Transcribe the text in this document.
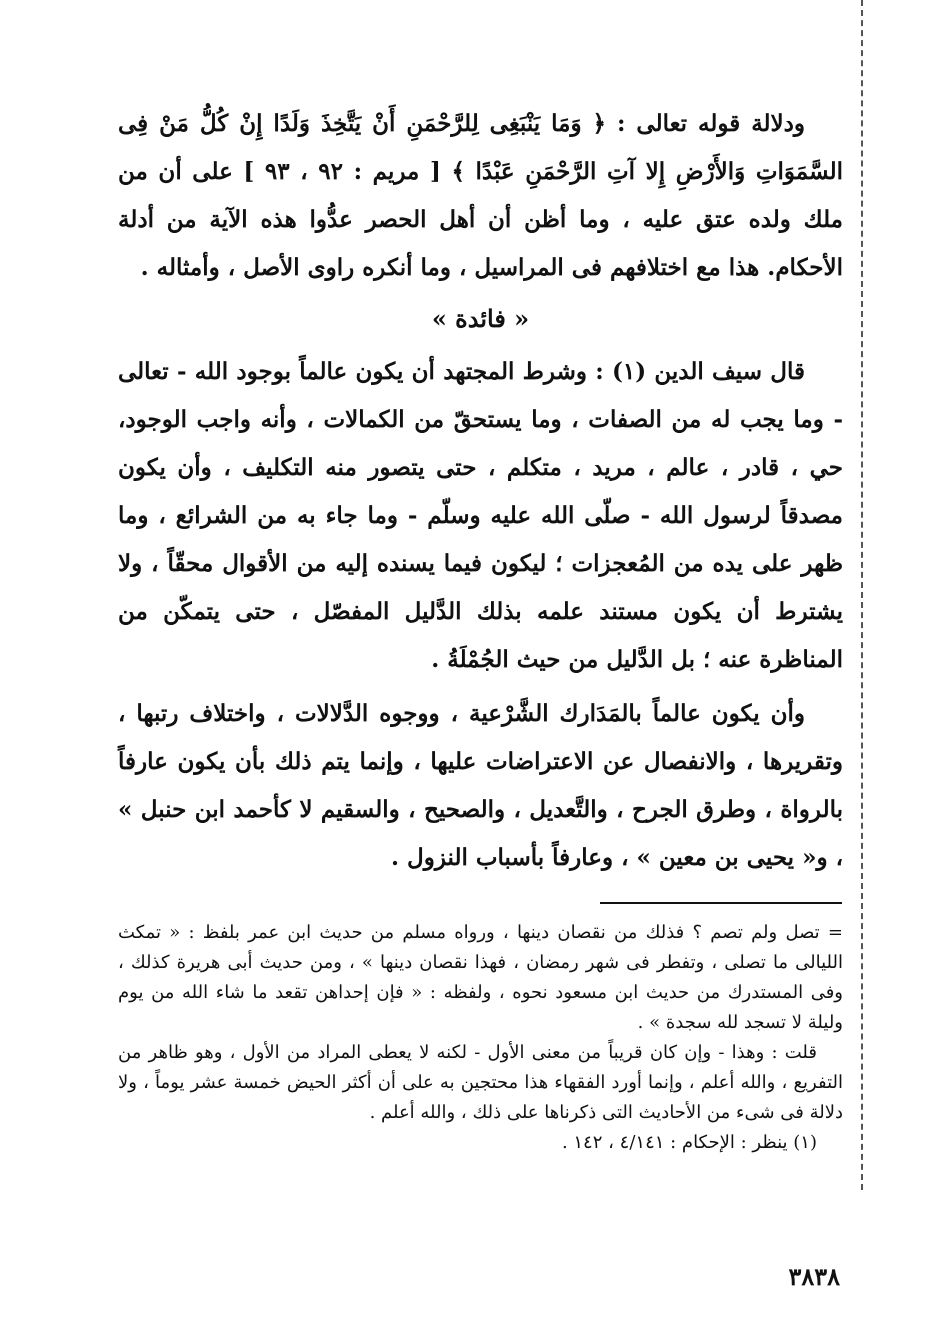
ودلالة قوله تعالى : ﴿ وَمَا يَنْبَغِى لِلرَّحْمَنِ أَنْ يَتَّخِذَ وَلَدًا إِنْ كُلُّ مَنْ فِى السَّمَوَاتِ وَالأَرْضِ إِلا آتِ الرَّحْمَنِ عَبْدًا ﴾ [ مريم : ٩٢ ، ٩٣ ] على أن من ملك ولده عتق عليه ، وما أظن أن أهل الحصر عدُّوا هذه الآية من أدلة الأحكام. هذا مع اختلافهم فى المراسيل ، وما أنكره راوى الأصل ، وأمثاله .

« فائدة »

قال سيف الدين (١) : وشرط المجتهد أن يكون عالماً بوجود الله - تعالى - وما يجب له من الصفات ، وما يستحقّ من الكمالات ، وأنه واجب الوجود، حي ، قادر ، عالم ، مريد ، متكلم ، حتى يتصور منه التكليف ، وأن يكون مصدقاً لرسول الله - صلّى الله عليه وسلّم - وما جاء به من الشرائع ، وما ظهر على يده من المُعجزات ؛ ليكون فيما يسنده إليه من الأقوال محقّاً ، ولا يشترط أن يكون مستند علمه بذلك الدَّليل المفصّل ، حتى يتمكّن من المناظرة عنه ؛ بل الدَّليل من حيث الجُمْلَةُ .

وأن يكون عالماً بالمَدَارك الشَّرْعية ، ووجوه الدَّلالات ، واختلاف رتبها ، وتقريرها ، والانفصال عن الاعتراضات عليها ، وإنما يتم ذلك بأن يكون عارفاً بالرواة ، وطرق الجرح ، والتَّعديل ، والصحيح ، والسقيم لا كأحمد ابن حنبل » ، و« يحيى بن معين » ، وعارفاً بأسباب النزول .

= تصل ولم تصم ؟ فذلك من نقصان دينها ، ورواه مسلم من حديث ابن عمر بلفظ : « تمكث الليالى ما تصلى ، وتفطر فى شهر رمضان ، فهذا نقصان دينها » ، ومن حديث أبى هريرة كذلك ، وفى المستدرك من حديث ابن مسعود نحوه ، ولفظه : « فإن إحداهن تقعد ما شاء الله من يوم وليلة لا تسجد لله سجدة » .

قلت : وهذا - وإن كان قريباً من معنى الأول - لكنه لا يعطى المراد من الأول ، وهو ظاهر من التفريع ، والله أعلم ، وإنما أورد الفقهاء هذا محتجين به على أن أكثر الحيض خمسة عشر يوماً ، ولا دلالة فى شىء من الأحاديث التى ذكرناها على ذلك ، والله أعلم .

(١) ينظر : الإحكام : ٤/١٤١ ، ١٤٢ .

٣٨٣٨
